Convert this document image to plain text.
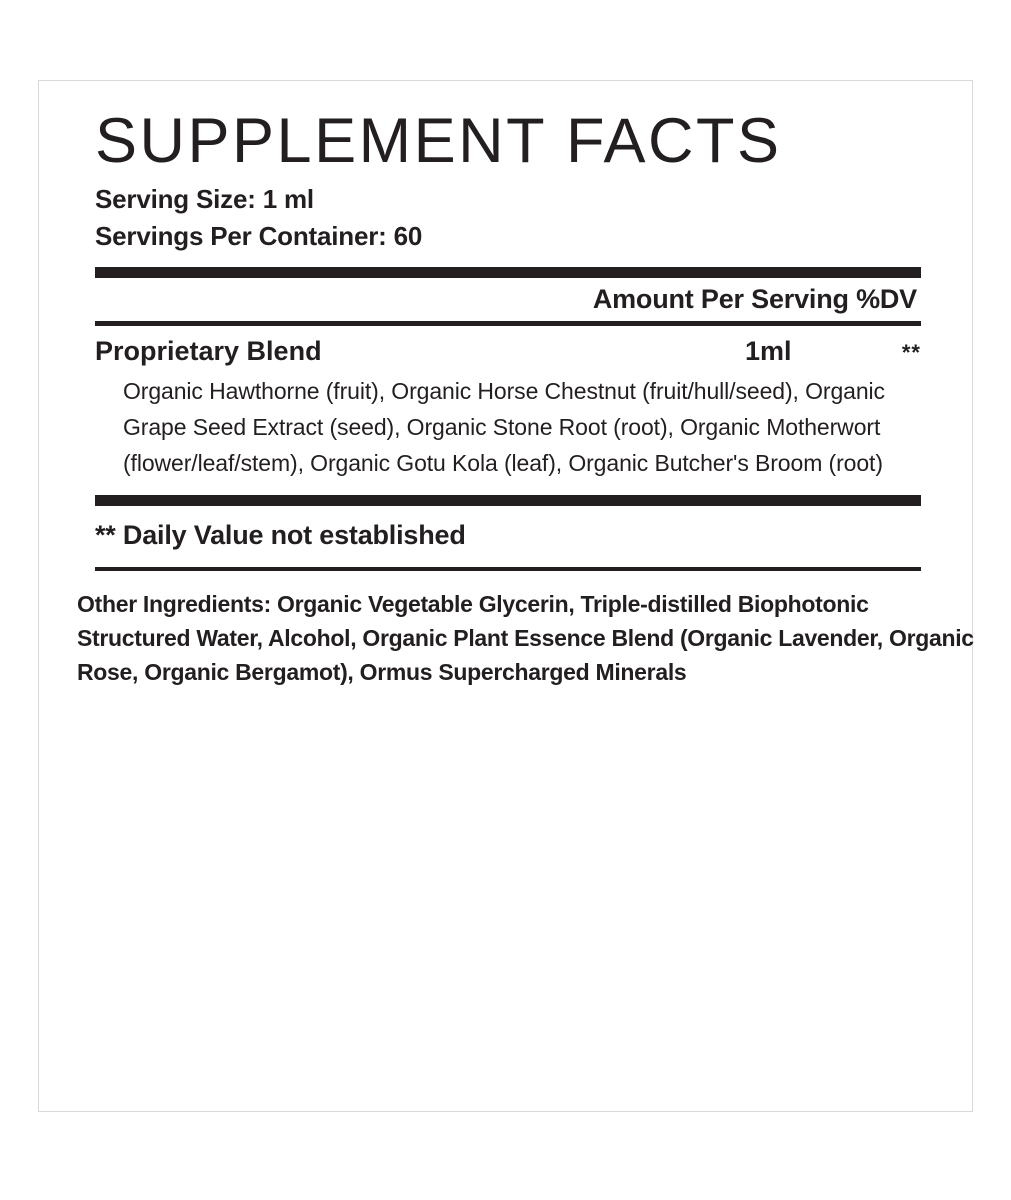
SUPPLEMENT FACTS
Serving Size: 1 ml
Servings Per Container: 60
Amount Per Serving %DV
Proprietary Blend	1ml	**
Organic Hawthorne (fruit), Organic Horse Chestnut (fruit/hull/seed), Organic Grape Seed Extract (seed), Organic Stone Root (root), Organic Motherwort (flower/leaf/stem), Organic Gotu Kola (leaf), Organic Butcher's Broom (root)
** Daily Value not established
Other Ingredients: Organic Vegetable Glycerin, Triple-distilled Biophotonic Structured Water, Alcohol, Organic Plant Essence Blend (Organic Lavender, Organic Rose, Organic Bergamot), Ormus Supercharged Minerals
